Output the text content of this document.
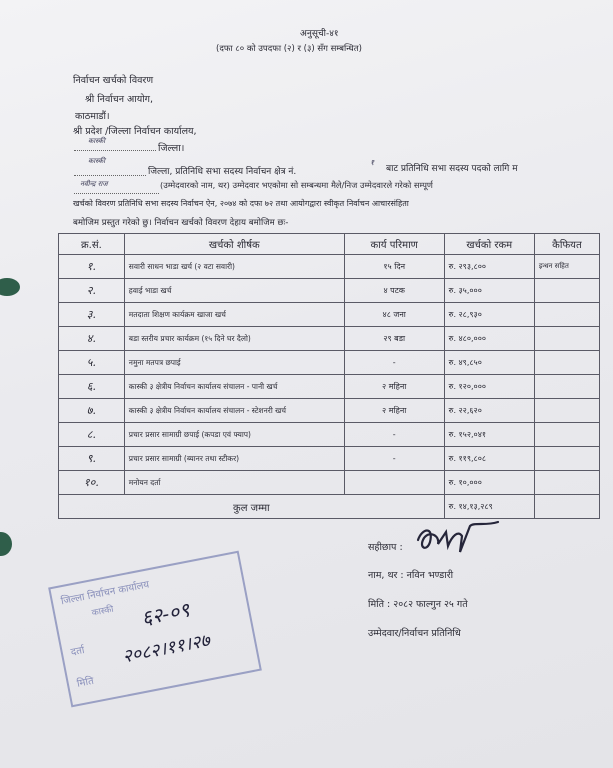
अनुसूची-४१
(दफा ८० को उपदफा (२) र (३) सँग सम्बन्धित)
निर्वाचन खर्चको विवरण
श्री निर्वाचन आयोग,
काठमाडौं।
श्री प्रदेश /जिल्ला निर्वाचन कार्यालय,
कास्की
जिल्ला।
कास्की
जिल्ला, प्रतिनिधि सभा सदस्य निर्वाचन क्षेत्र नं.
१
बाट प्रतिनिधि सभा सदस्य पदको लागि म
नवीन्द्र राज	(उम्मेदवारको नाम, थर) उम्मेदवार भएकोमा सो सम्बन्धमा मैले/निज उम्मेदवारले गरेको सम्पूर्ण
खर्चको विवरण प्रतिनिधि सभा सदस्य निर्वाचन ऐन, २०७४ को दफा ७२ तथा आयोगद्वारा स्वीकृत निर्वाचन आचारसंहिता
बमोजिम प्रस्तुत गरेको छु। निर्वाचन खर्चको विवरण देहाय बमोजिम छः-
क्र.सं.	खर्चको शीर्षक	कार्य परिमाण	खर्चको रकम	कैफियत
१.	सवारी साधन भाडा खर्च (२ वटा सवारी)	१५ दिन	रु. २९३,८००	इन्धन सहित
२.	हवाई भाडा खर्च	४ पटक	रु. ३५,०००	
३.	मतदाता शिक्षण कार्यक्रम खाजा खर्च	४८ जना	रु. २८,९३०	
४.	बडा स्तरीय प्रचार कार्यक्रम (१५ दिने घर दैलो)	२९ बडा	रु. ४८०,०००	
५.	नमुना मतपत्र छपाई	-	रु. ४९,८५०	
६.	कास्की ३ क्षेत्रीय निर्वाचन कार्यालय संचालन - पानी खर्च	२ महिना	रु. १२०,०००	
७.	कास्की ३ क्षेत्रीय निर्वाचन कार्यालय संचालन - स्टेशनरी खर्च	२ महिना	रु. २२,६२०	
८.	प्रचार प्रसार सामाग्री छपाई (कपडा एवं फ्याप)	-	रु. १५२,०४१	
९.	प्रचार प्रसार सामाग्री (ब्यानर तथा स्टीकर)	-	रु. ११९,८०८	
१०.	मनोयन दर्ता		रु. १०,०००	
कुल जम्मा			रु. १४,१३,२८९	
सहीछाप :
नाम, थर : नविन भण्डारी
मिति : २०८२ फाल्गुन २५ गते
उम्मेदवार/निर्वाचन प्रतिनिधि
जिल्ला निर्वाचन कार्यालय
कास्की ६२-०९
दर्ता २०८२।११।२७
मिति
